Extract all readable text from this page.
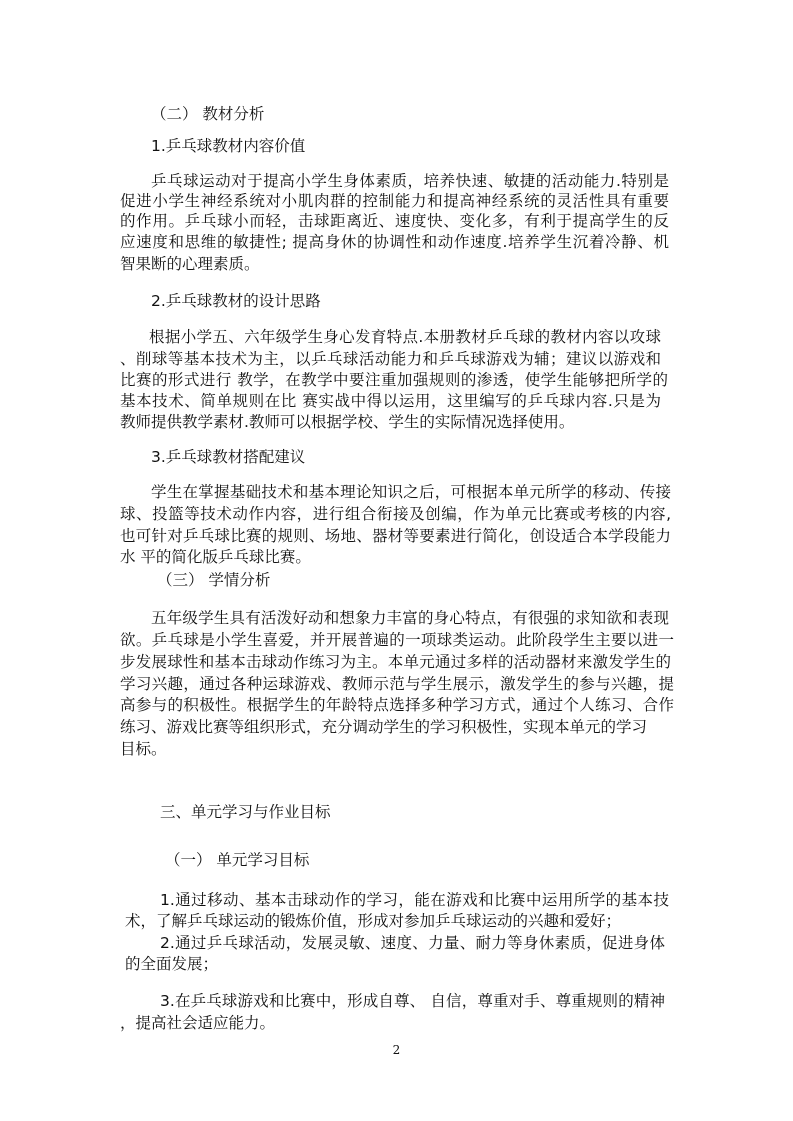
（二） 教材分析
1.乒乓球教材内容价值
乒乓球运动对于提高小学生身体素质，培养快速、敏捷的活动能力.特别是
促进小学生神经系统对小肌肉群的控制能力和提高神经系统的灵活性具有重要
的作用。乒乓球小而轻，击球距离近、速度快、变化多，有利于提高学生的反
应速度和思维的敏捷性; 提高身休的协调性和动作速度.培养学生沉着冷静、机
智果断的心理素质。
2.乒乓球教材的设计思路
根据小学五、六年级学生身心发育特点.本册教材乒乓球的教材内容以攻球
、削球等基本技术为主，以乒乓球活动能力和乒乓球游戏为辅；建议以游戏和
比赛的形式进行 教学，在教学中要注重加强规则的渗透，使学生能够把所学的
基本技术、简单规则在比 赛实战中得以运用，这里编写的乒乓球内容.只是为
教师提供教学素材.教师可以根据学校、学生的实际情况选择使用。
3.乒乓球教材搭配建议
学生在掌握基础技术和基本理论知识之后，可根据本单元所学的移动、传接
球、投篮等技术动作内容，进行组合衔接及创编，作为单元比赛或考核的内容,
也可针对乒乓球比赛的规则、场地、器材等要素进行简化，创设适合本学段能力
水 平的简化版乒乓球比赛。
（三） 学情分析
五年级学生具有活泼好动和想象力丰富的身心特点，有很强的求知欲和表现
欲。乒乓球是小学生喜爱，并开展普遍的一项球类运动。此阶段学生主要以进一
步发展球性和基本击球动作练习为主。本单元通过多样的活动器材来激发学生的
学习兴趣，通过各种运球游戏、教师示范与学生展示，激发学生的参与兴趣，提
高参与的积极性。根据学生的年龄特点选择多种学习方式，通过个人练习、合作
练习、游戏比赛等组织形式，充分调动学生的学习积极性，实现本单元的学习
目标。
三、单元学习与作业目标
（一） 单元学习目标
1.通过移动、基本击球动作的学习，能在游戏和比赛中运用所学的基本技
术，了解乒乓球运动的锻炼价值，形成对参加乒乓球运动的兴趣和爱好；
2.通过乒乓球活动，发展灵敏、速度、力量、耐力等身休素质，促进身体
的全面发展；
3.在乒乓球游戏和比赛中，形成自尊、 自信，尊重对手、尊重规则的精神
，提高社会适应能力。
2
